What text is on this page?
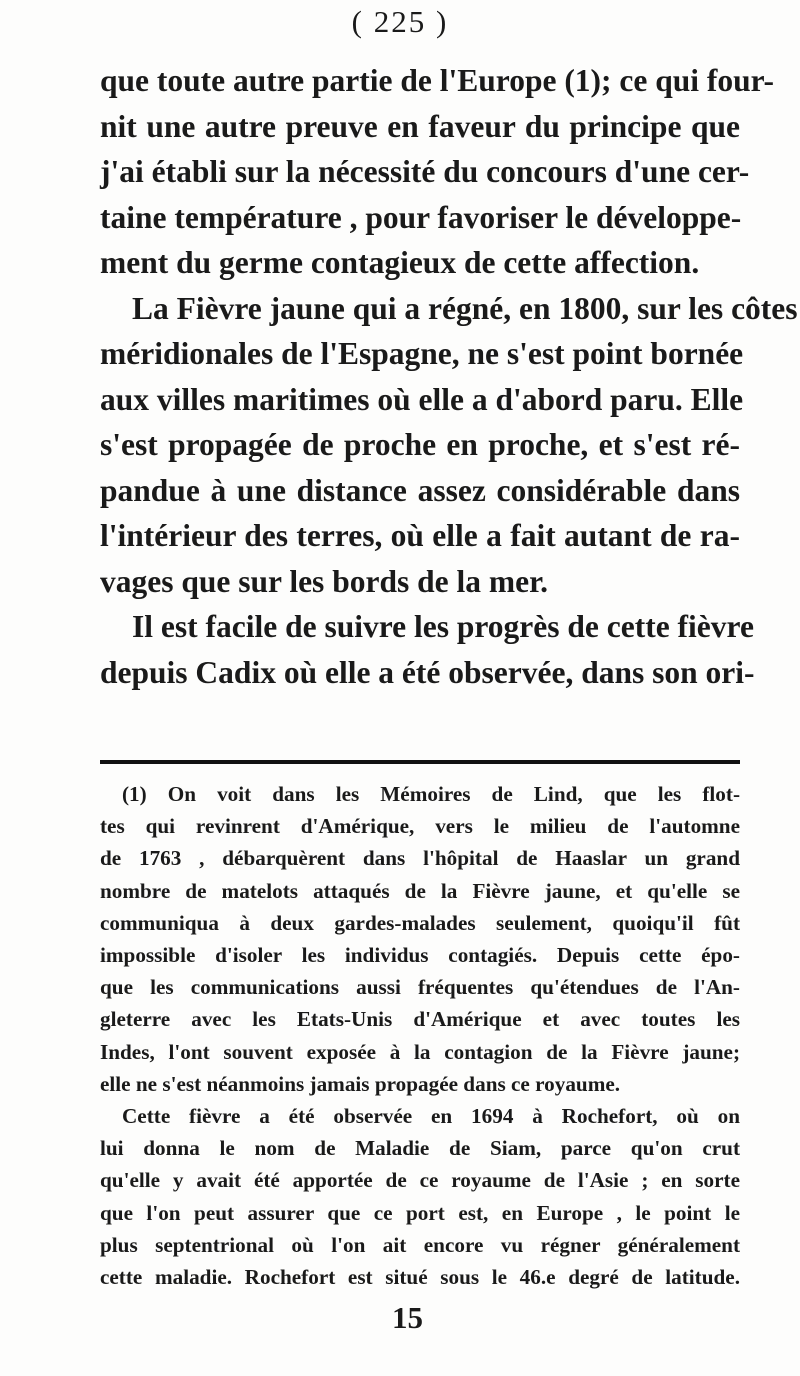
( 225 )
que toute autre partie de l'Europe (1); ce qui four-
nit une autre preuve en faveur du principe que
j'ai établi sur la nécessité du concours d'une cer-
taine température , pour favoriser le développe-
ment du germe contagieux de cette affection.
La Fièvre jaune qui a régné, en 1800, sur les côtes
méridionales de l'Espagne, ne s'est point bornée
aux villes maritimes où elle a d'abord paru. Elle
s'est propagée de proche en proche, et s'est ré-
pandue à une distance assez considérable dans
l'intérieur des terres, où elle a fait autant de ra-
vages que sur les bords de la mer.
Il est facile de suivre les progrès de cette fièvre
depuis Cadix où elle a été observée, dans son ori-
(1) On voit dans les Mémoires de Lind, que les flot-
tes qui revinrent d'Amérique, vers le milieu de l'automne
de 1763 , débarquèrent dans l'hôpital de Haaslar un grand
nombre de matelots attaqués de la Fièvre jaune, et qu'elle se
communiqua à deux gardes-malades seulement, quoiqu'il fût
impossible d'isoler les individus contagiés. Depuis cette épo-
que les communications aussi fréquentes qu'étendues de l'An-
gleterre avec les Etats-Unis d'Amérique et avec toutes les
Indes, l'ont souvent exposée à la contagion de la Fièvre jaune;
elle ne s'est néanmoins jamais propagée dans ce royaume.
Cette fièvre a été observée en 1694 à Rochefort, où on
lui donna le nom de Maladie de Siam, parce qu'on crut
qu'elle y avait été apportée de ce royaume de l'Asie ; en sorte
que l'on peut assurer que ce port est, en Europe , le point le
plus septentrional où l'on ait encore vu régner généralement
cette maladie. Rochefort est situé sous le 46.e degré de latitude.
15
